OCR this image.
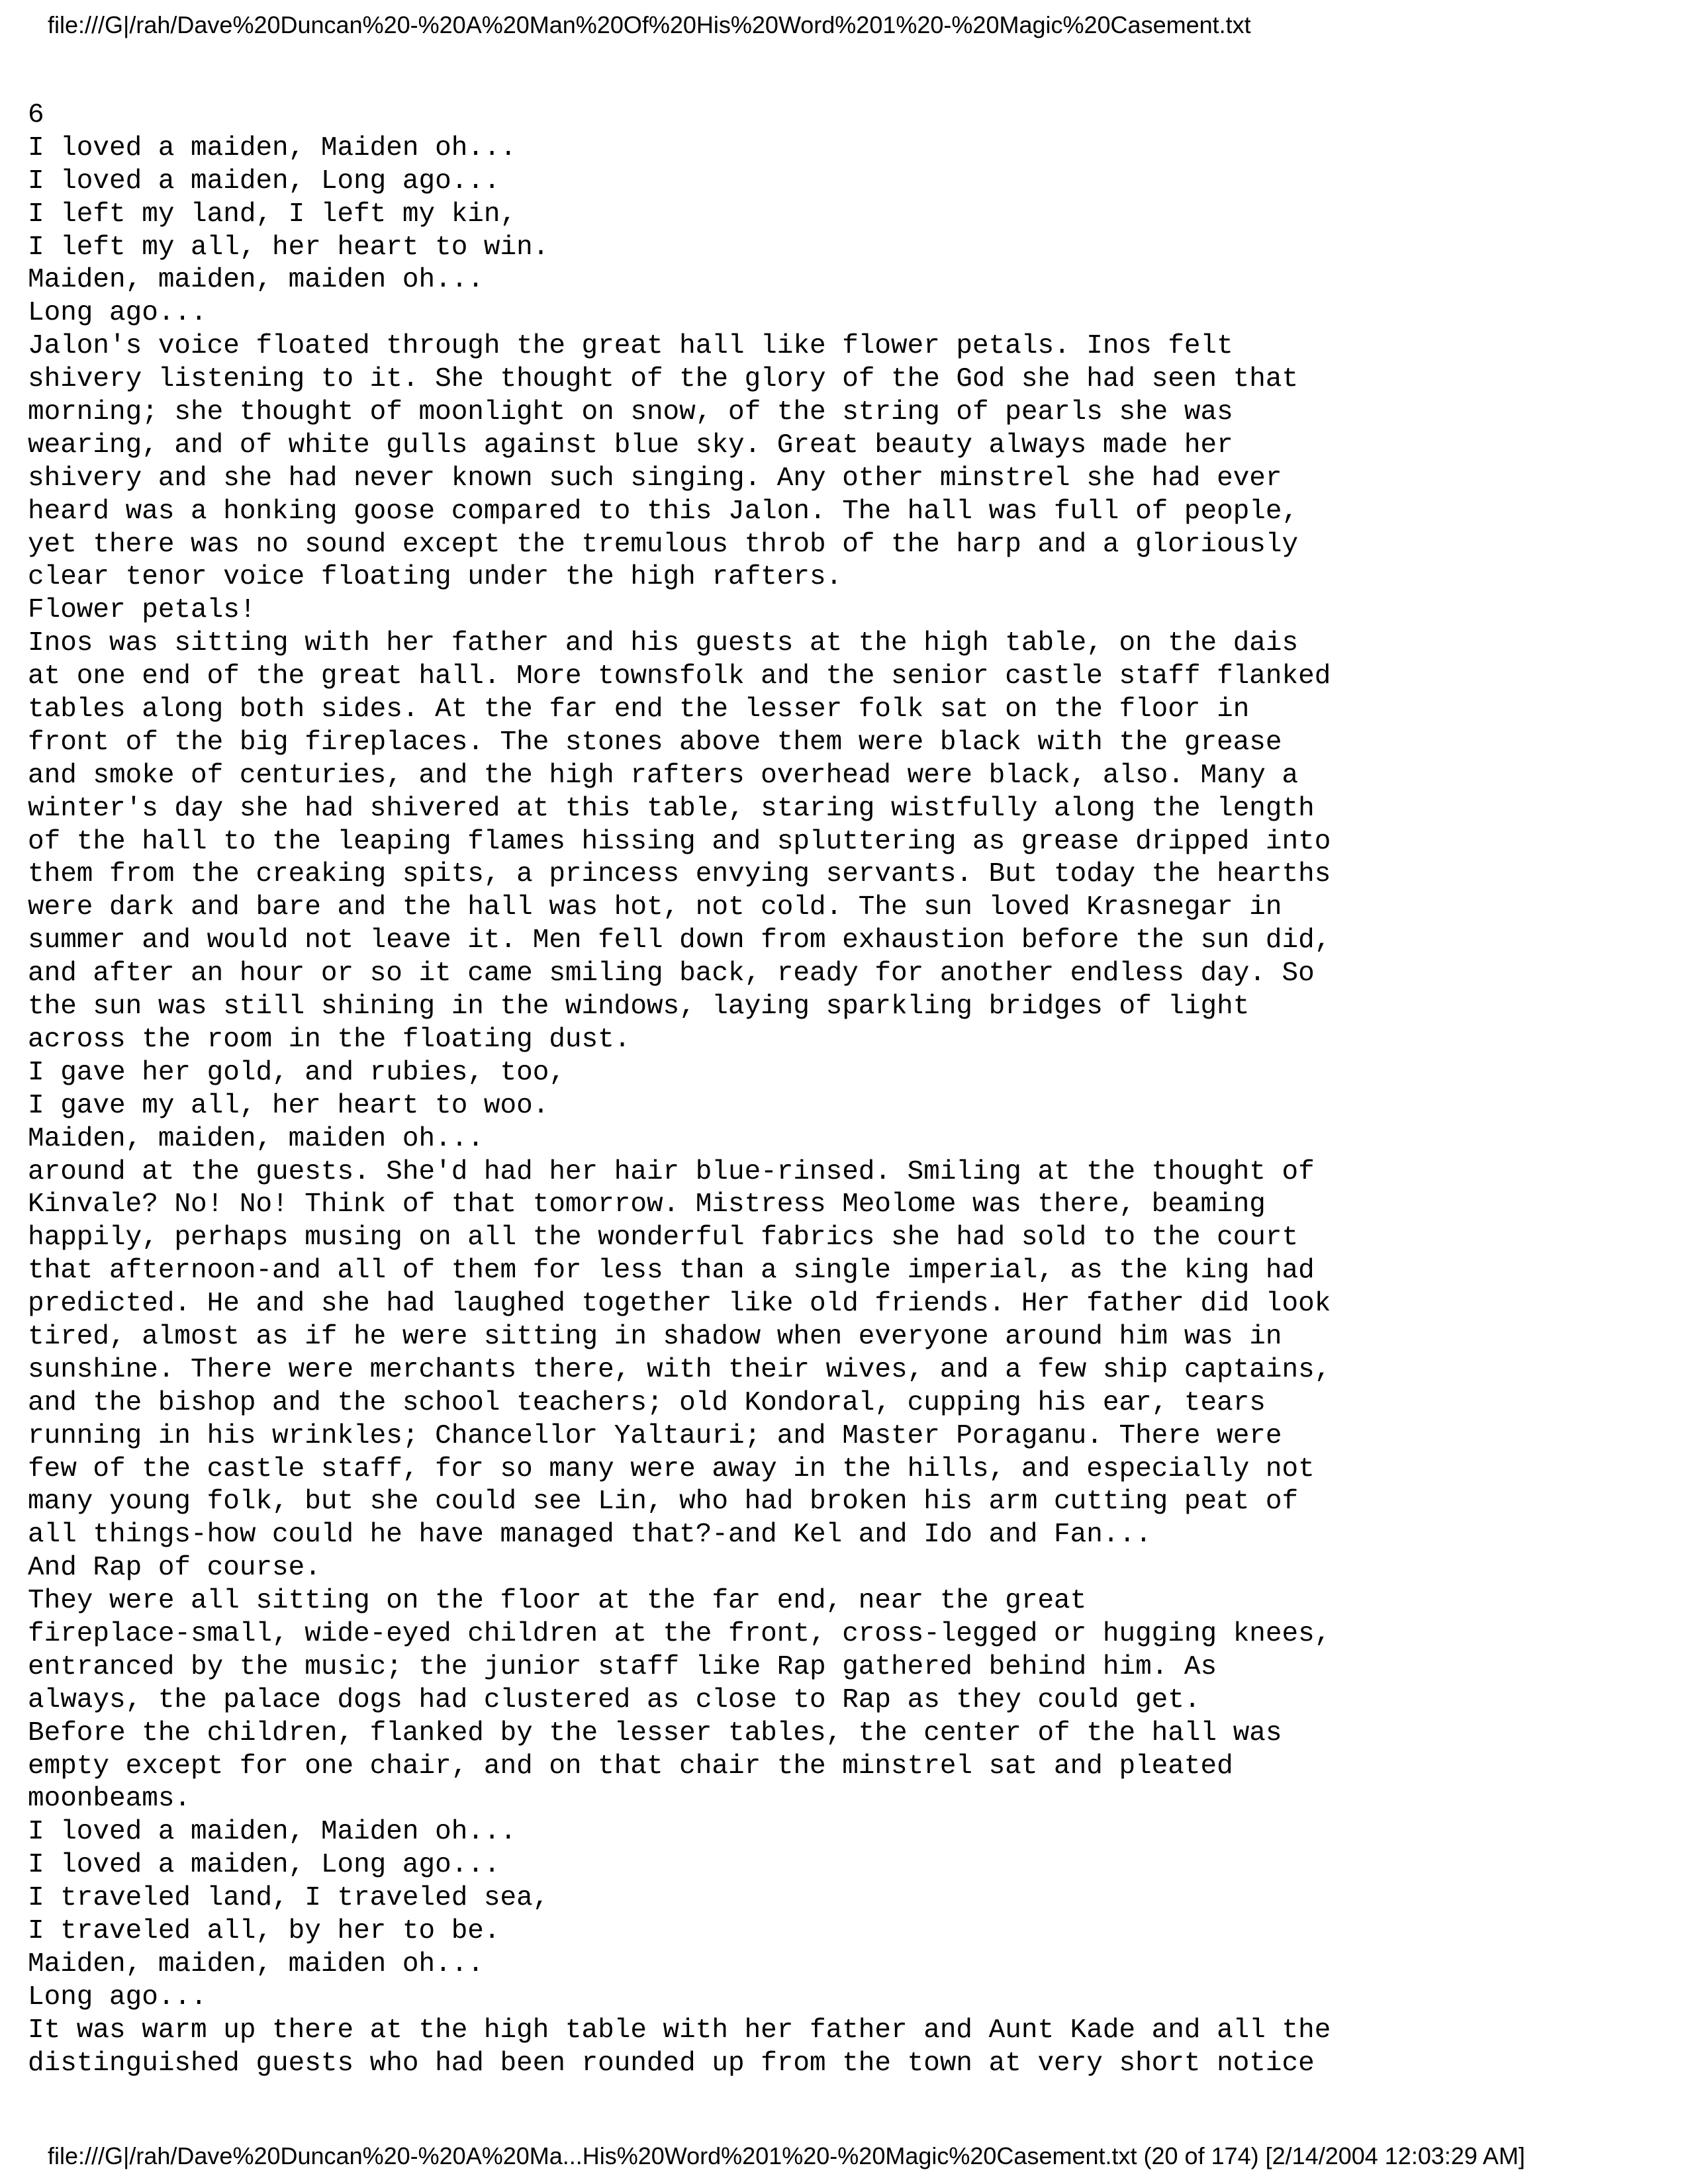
file:///G|/rah/Dave%20Duncan%20-%20A%20Man%20Of%20His%20Word%201%20-%20Magic%20Casement.txt
6
I loved a maiden, Maiden oh...
I loved a maiden, Long ago...
I left my land, I left my kin,
I left my all, her heart to win.
Maiden, maiden, maiden oh...
Long ago...
Jalon's voice floated through the great hall like flower petals. Inos felt
shivery listening to it. She thought of the glory of the God she had seen that
morning; she thought of moonlight on snow, of the string of pearls she was
wearing, and of white gulls against blue sky. Great beauty always made her
shivery and she had never known such singing. Any other minstrel she had ever
heard was a honking goose compared to this Jalon. The hall was full of people,
yet there was no sound except the tremulous throb of the harp and a gloriously
clear tenor voice floating under the high rafters.
Flower petals!
Inos was sitting with her father and his guests at the high table, on the dais
at one end of the great hall. More townsfolk and the senior castle staff flanked
tables along both sides. At the far end the lesser folk sat on the floor in
front of the big fireplaces. The stones above them were black with the grease
and smoke of centuries, and the high rafters overhead were black, also. Many a
winter's day she had shivered at this table, staring wistfully along the length
of the hall to the leaping flames hissing and spluttering as grease dripped into
them from the creaking spits, a princess envying servants. But today the hearths
were dark and bare and the hall was hot, not cold. The sun loved Krasnegar in
summer and would not leave it. Men fell down from exhaustion before the sun did,
and after an hour or so it came smiling back, ready for another endless day. So
the sun was still shining in the windows, laying sparkling bridges of light
across the room in the floating dust.
I gave her gold, and rubies, too,
I gave my all, her heart to woo.
Maiden, maiden, maiden oh...
around at the guests. She'd had her hair blue-rinsed. Smiling at the thought of
Kinvale? No! No! Think of that tomorrow. Mistress Meolome was there, beaming
happily, perhaps musing on all the wonderful fabrics she had sold to the court
that afternoon-and all of them for less than a single imperial, as the king had
predicted. He and she had laughed together like old friends. Her father did look
tired, almost as if he were sitting in shadow when everyone around him was in
sunshine. There were merchants there, with their wives, and a few ship captains,
and the bishop and the school teachers; old Kondoral, cupping his ear, tears
running in his wrinkles; Chancellor Yaltauri; and Master Poraganu. There were
few of the castle staff, for so many were away in the hills, and especially not
many young folk, but she could see Lin, who had broken his arm cutting peat of
all things-how could he have managed that?-and Kel and Ido and Fan...
And Rap of course.
They were all sitting on the floor at the far end, near the great
fireplace-small, wide-eyed children at the front, cross-legged or hugging knees,
entranced by the music; the junior staff like Rap gathered behind him. As
always, the palace dogs had clustered as close to Rap as they could get.
Before the children, flanked by the lesser tables, the center of the hall was
empty except for one chair, and on that chair the minstrel sat and pleated
moonbeams.
I loved a maiden, Maiden oh...
I loved a maiden, Long ago...
I traveled land, I traveled sea,
I traveled all, by her to be.
Maiden, maiden, maiden oh...
Long ago...
It was warm up there at the high table with her father and Aunt Kade and all the
distinguished guests who had been rounded up from the town at very short notice
file:///G|/rah/Dave%20Duncan%20-%20A%20Ma...His%20Word%201%20-%20Magic%20Casement.txt (20 of 174) [2/14/2004 12:03:29 AM]
